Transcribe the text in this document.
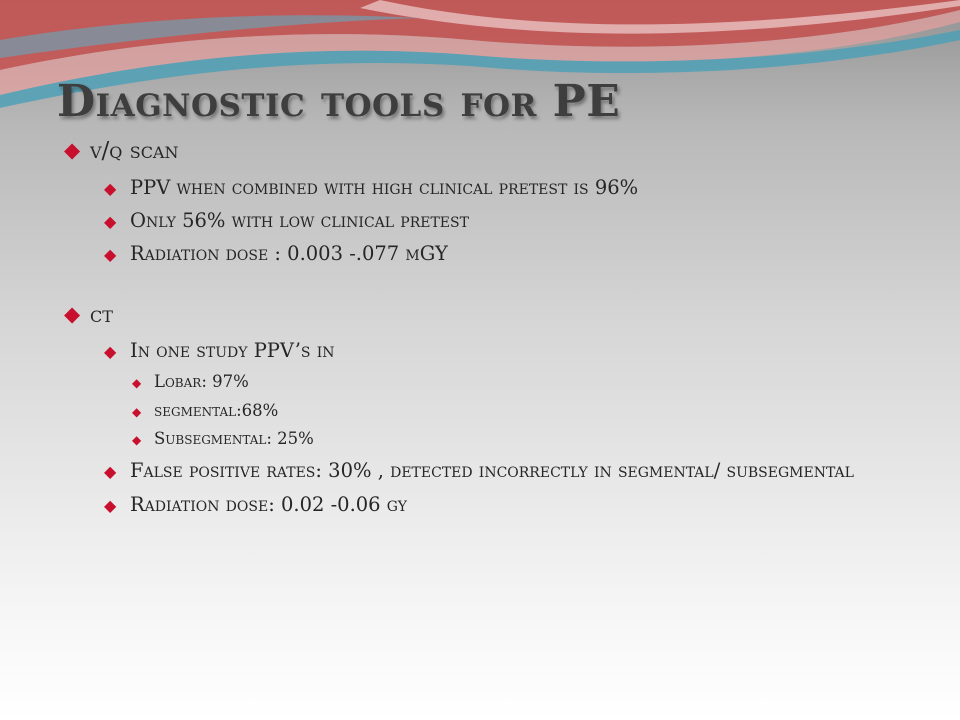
Diagnostic tools for PE
◆ v/q scan
◆ PPV when combined with high clinical pretest is 96%
◆ Only 56% with low clinical pretest
◆ Radiation dose : 0.003 -.077 mGY
◆ ct
◆ In one study PPV’s in
◆ Lobar: 97%
◆ segmental:68%
◆ Subsegmental: 25%
◆ False positive rates: 30% , detected incorrectly in segmental/ subsegmental
◆ Radiation dose: 0.02 -0.06 gy
